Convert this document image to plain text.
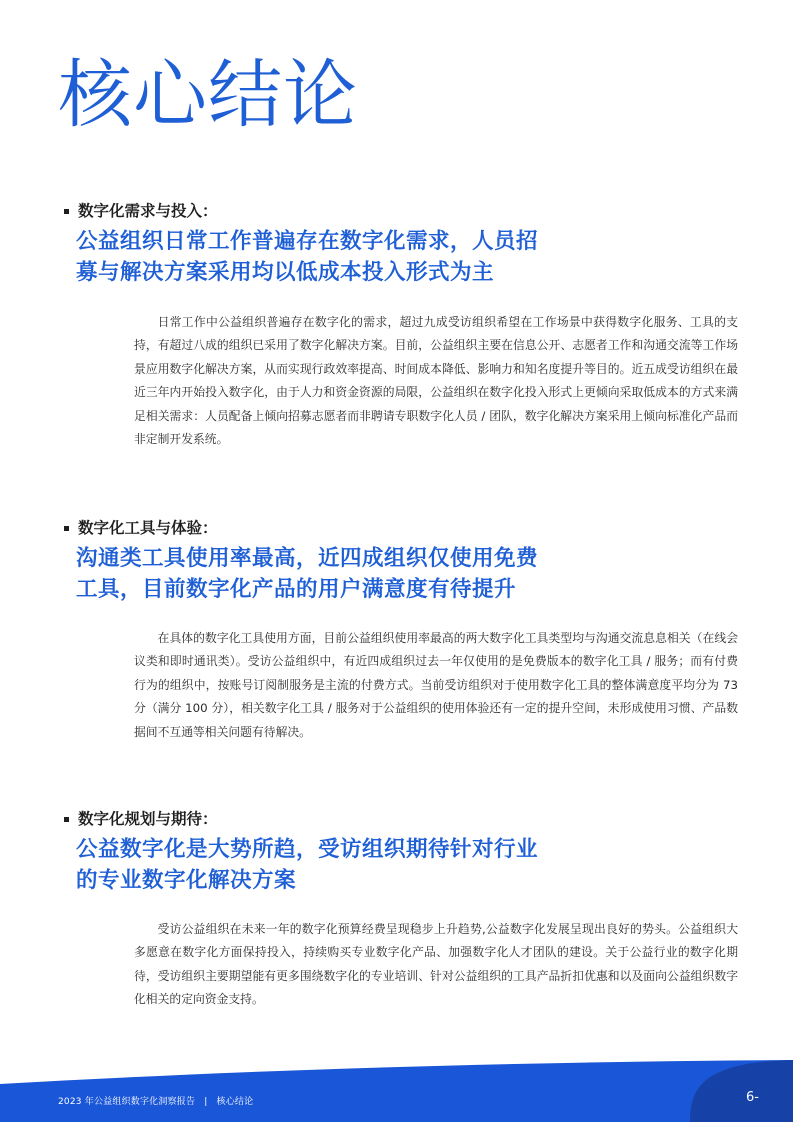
核心结论
数字化需求与投入：
公益组织日常工作普遍存在数字化需求，人员招
募与解决方案采用均以低成本投入形式为主

日常工作中公益组织普遍存在数字化的需求，超过九成受访组织希望在工作场景中获得数字化服务、工具的支持，有超过八成的组织已采用了数字化解决方案。目前，公益组织主要在信息公开、志愿者工作和沟通交流等工作场景应用数字化解决方案，从而实现行政效率提高、时间成本降低、影响力和知名度提升等目的。近五成受访组织在最近三年内开始投入数字化，由于人力和资金资源的局限，公益组织在数字化投入形式上更倾向采取低成本的方式来满足相关需求：人员配备上倾向招募志愿者而非聘请专职数字化人员 / 团队，数字化解决方案采用上倾向标准化产品而非定制开发系统。

数字化工具与体验：
沟通类工具使用率最高，近四成组织仅使用免费
工具，目前数字化产品的用户满意度有待提升

在具体的数字化工具使用方面，目前公益组织使用率最高的两大数字化工具类型均与沟通交流息息相关（在线会议类和即时通讯类）。受访公益组织中，有近四成组织过去一年仅使用的是免费版本的数字化工具 / 服务；而有付费行为的组织中，按账号订阅制服务是主流的付费方式。当前受访组织对于使用数字化工具的整体满意度平均分为 73 分（满分 100 分），相关数字化工具 / 服务对于公益组织的使用体验还有一定的提升空间，未形成使用习惯、产品数据间不互通等相关问题有待解决。

数字化规划与期待：
公益数字化是大势所趋，受访组织期待针对行业
的专业数字化解决方案

受访公益组织在未来一年的数字化预算经费呈现稳步上升趋势,公益数字化发展呈现出良好的势头。公益组织大多愿意在数字化方面保持投入，持续购买专业数字化产品、加强数字化人才团队的建设。关于公益行业的数字化期待，受访组织主要期望能有更多围绕数字化的专业培训、针对公益组织的工具产品折扣优惠和以及面向公益组织数字化相关的定向资金支持。

2023 年公益组织数字化洞察报告 | 核心结论	6-
